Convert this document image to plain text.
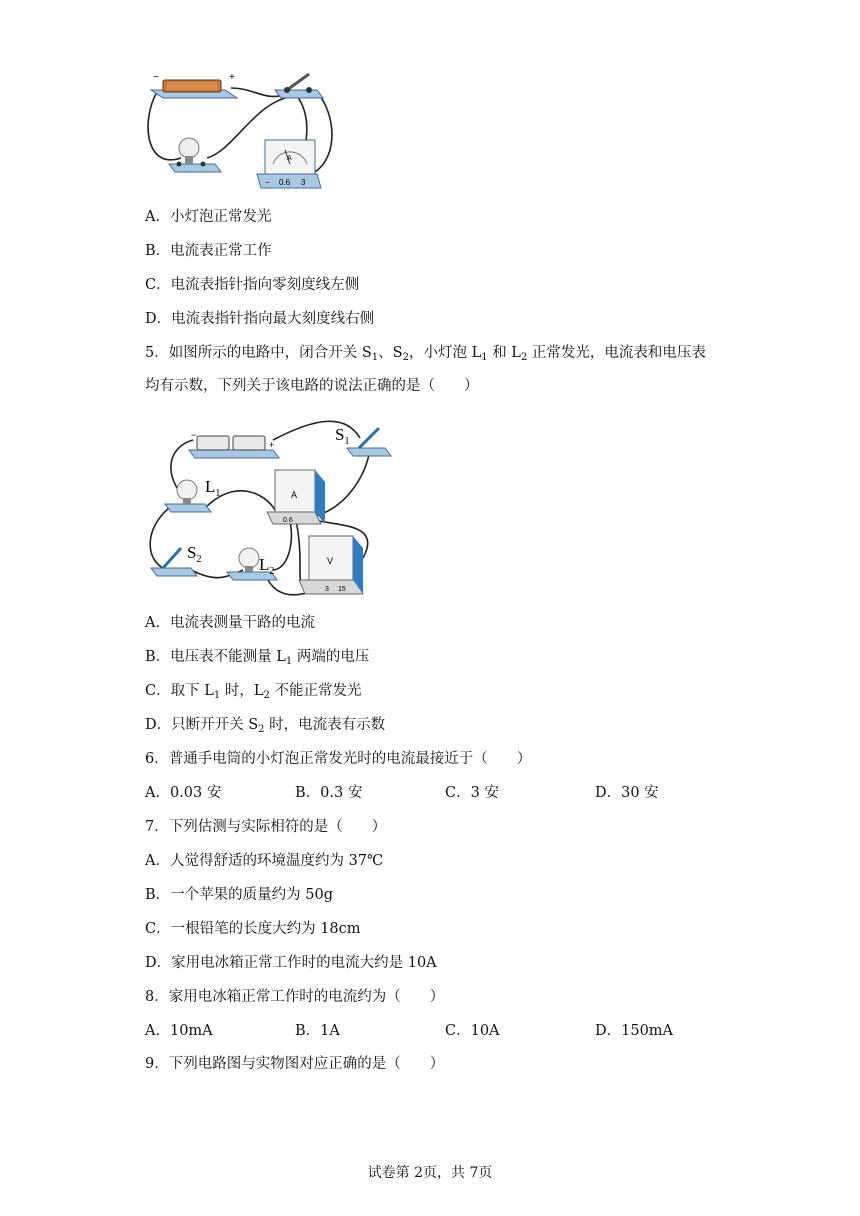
−	+
A
− 0.6 3
A．小灯泡正常发光
B．电流表正常工作
C．电流表指针指向零刻度线左侧
D．电流表指针指向最大刻度线右侧
5．如图所示的电路中，闭合开关 $S_1$、$S_2$，小灯泡 $L_1$ 和 $L_2$ 正常发光，电流表和电压表
均有示数，下列关于该电路的说法正确的是（　　）
−
+
$S_1$
$L_1$	A
0.6
$S_2$	$L_2$
V
3 15
A．电流表测量干路的电流
B．电压表不能测量 $L_1$ 两端的电压
C．取下 $L_1$ 时，$L_2$ 不能正常发光
D．只断开开关 $S_2$ 时，电流表有示数
6．普通手电筒的小灯泡正常发光时的电流最接近于（　　）
A．0.03 安	B．0.3 安	C．3 安	D．30 安
7．下列估测与实际相符的是（　　）
A．人觉得舒适的环境温度约为 37℃
B．一个苹果的质量约为 50g
C．一根铅笔的长度大约为 18cm
D．家用电冰箱正常工作时的电流大约是 10A
8．家用电冰箱正常工作时的电流约为（　　）
A．10mA	B．1A	C．10A	D．150mA
9．下列电路图与实物图对应正确的是（　　）
试卷第 2页，共 7页
